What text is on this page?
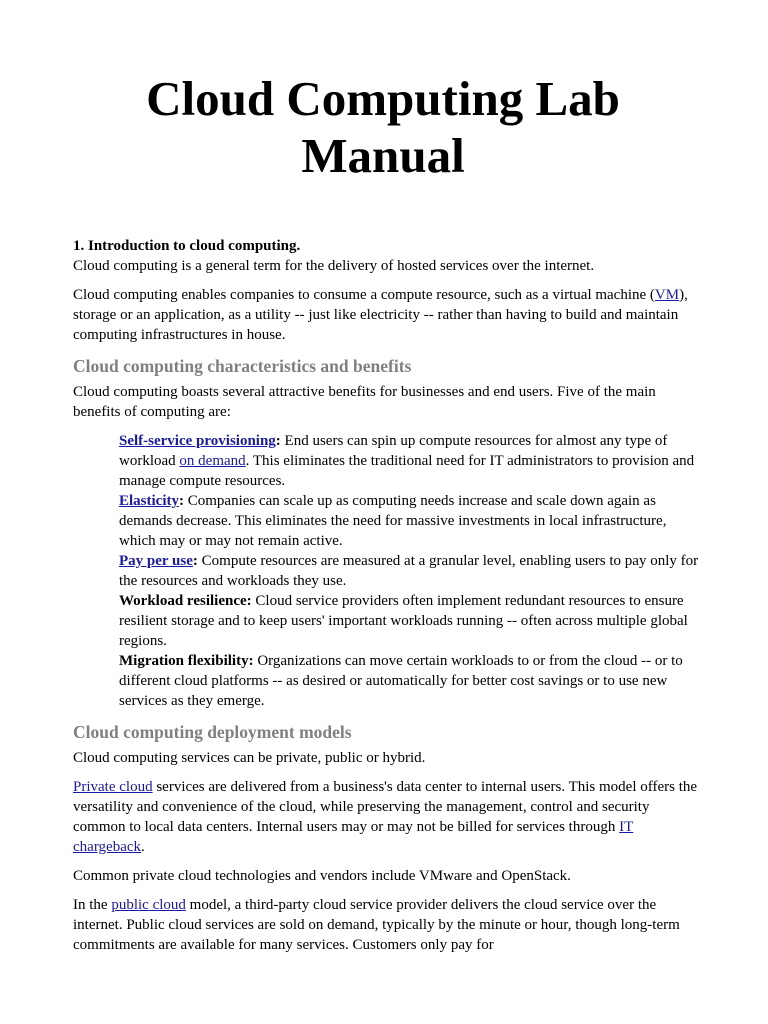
Cloud Computing Lab Manual
1. Introduction to cloud computing.

Cloud computing is a general term for the delivery of hosted services over the internet.

Cloud computing enables companies to consume a compute resource, such as a virtual machine (VM), storage or an application, as a utility -- just like electricity -- rather than having to build and maintain computing infrastructures in house.

Cloud computing characteristics and benefits

Cloud computing boasts several attractive benefits for businesses and end users. Five of the main benefits of computing are:

Self-service provisioning: End users can spin up compute resources for almost any type of workload on demand. This eliminates the traditional need for IT administrators to provision and manage compute resources.
Elasticity: Companies can scale up as computing needs increase and scale down again as demands decrease. This eliminates the need for massive investments in local infrastructure, which may or may not remain active.
Pay per use: Compute resources are measured at a granular level, enabling users to pay only for the resources and workloads they use.
Workload resilience: Cloud service providers often implement redundant resources to ensure resilient storage and to keep users' important workloads running -- often across multiple global regions.
Migration flexibility: Organizations can move certain workloads to or from the cloud -- or to different cloud platforms -- as desired or automatically for better cost savings or to use new services as they emerge.
Cloud computing deployment models

Cloud computing services can be private, public or hybrid.

Private cloud services are delivered from a business's data center to internal users. This model offers the versatility and convenience of the cloud, while preserving the management, control and security common to local data centers. Internal users may or may not be billed for services through IT chargeback.

Common private cloud technologies and vendors include VMware and OpenStack.

In the public cloud model, a third-party cloud service provider delivers the cloud service over the internet. Public cloud services are sold on demand, typically by the minute or hour, though long-term commitments are available for many services. Customers only pay for
